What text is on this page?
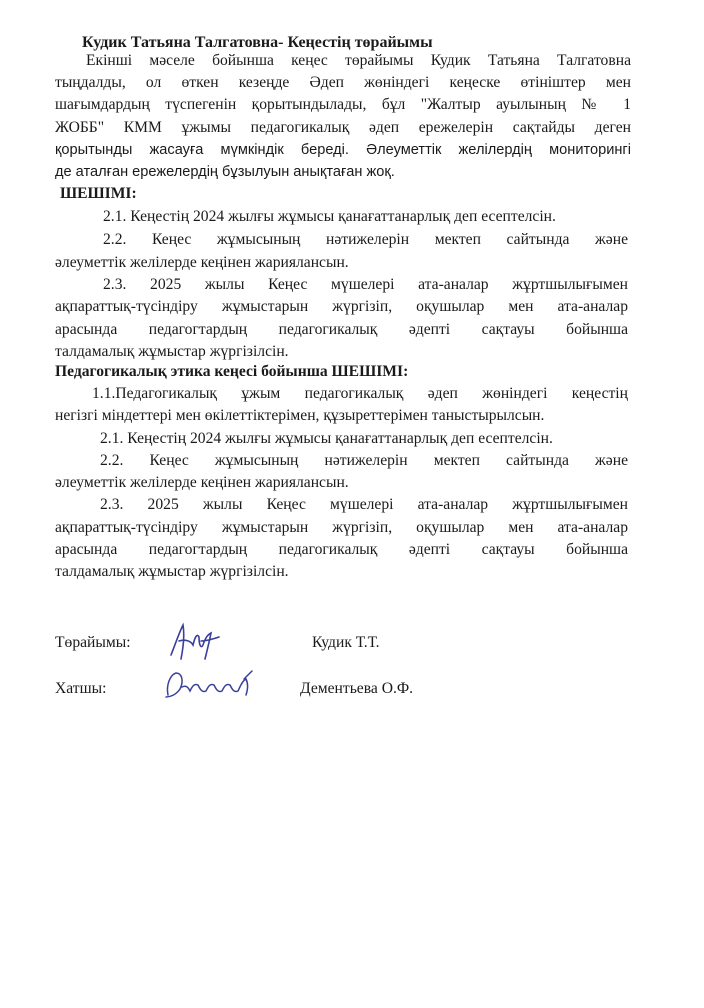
Кудик Татьяна Талгатовна- Кеңестің төрайымы
Екінші мәселе бойынша кеңес төрайымы Кудик Татьяна Талгатовна
тыңдалды, ол өткен кезеңде Әдеп жөніндегі кеңеске өтініштер мен
шағымдардың түспегенін қорытындылады, бұл "Жалтыр ауылының № 1
ЖОББ" КММ ұжымы педагогикалық әдеп ережелерін сақтайды деген
қорытынды жасауға мүмкіндік береді. Әлеуметтік желілердің мониторингі
де аталған ережелердің бұзылуын анықтаған жоқ.
ШЕШІМІ:
2.1. Кеңестің 2024 жылғы жұмысы қанағаттанарлық деп есептелсін.
2.2. Кеңес жұмысының нәтижелерін мектеп сайтында және
әлеуметтік желілерде кеңінен жариялансын.
2.3. 2025 жылы Кеңес мүшелері ата-аналар жұртшылығымен
ақпараттық-түсіндіру жұмыстарын жүргізіп, оқушылар мен ата-аналар
арасында педагогтардың педагогикалық әдепті сақтауы бойынша
талдамалық жұмыстар жүргізілсін.
Педагогикалық этика кеңесі бойынша ШЕШІМІ:
1.1.Педагогикалық ұжым педагогикалық әдеп жөніндегі кеңестің
негізгі міндеттері мен өкілеттіктерімен, құзыреттерімен таныстырылсын.
2.1. Кеңестің 2024 жылғы жұмысы қанағаттанарлық деп есептелсін.
2.2. Кеңес жұмысының нәтижелерін мектеп сайтында және
әлеуметтік желілерде кеңінен жариялансын.
2.3. 2025 жылы Кеңес мүшелері ата-аналар жұртшылығымен
ақпараттық-түсіндіру жұмыстарын жүргізіп, оқушылар мен ата-аналар
арасында педагогтардың педагогикалық әдепті сақтауы бойынша
талдамалық жұмыстар жүргізілсін.
Төрайымы:	Кудик Т.Т.
Хатшы:	Дементьева О.Ф.
